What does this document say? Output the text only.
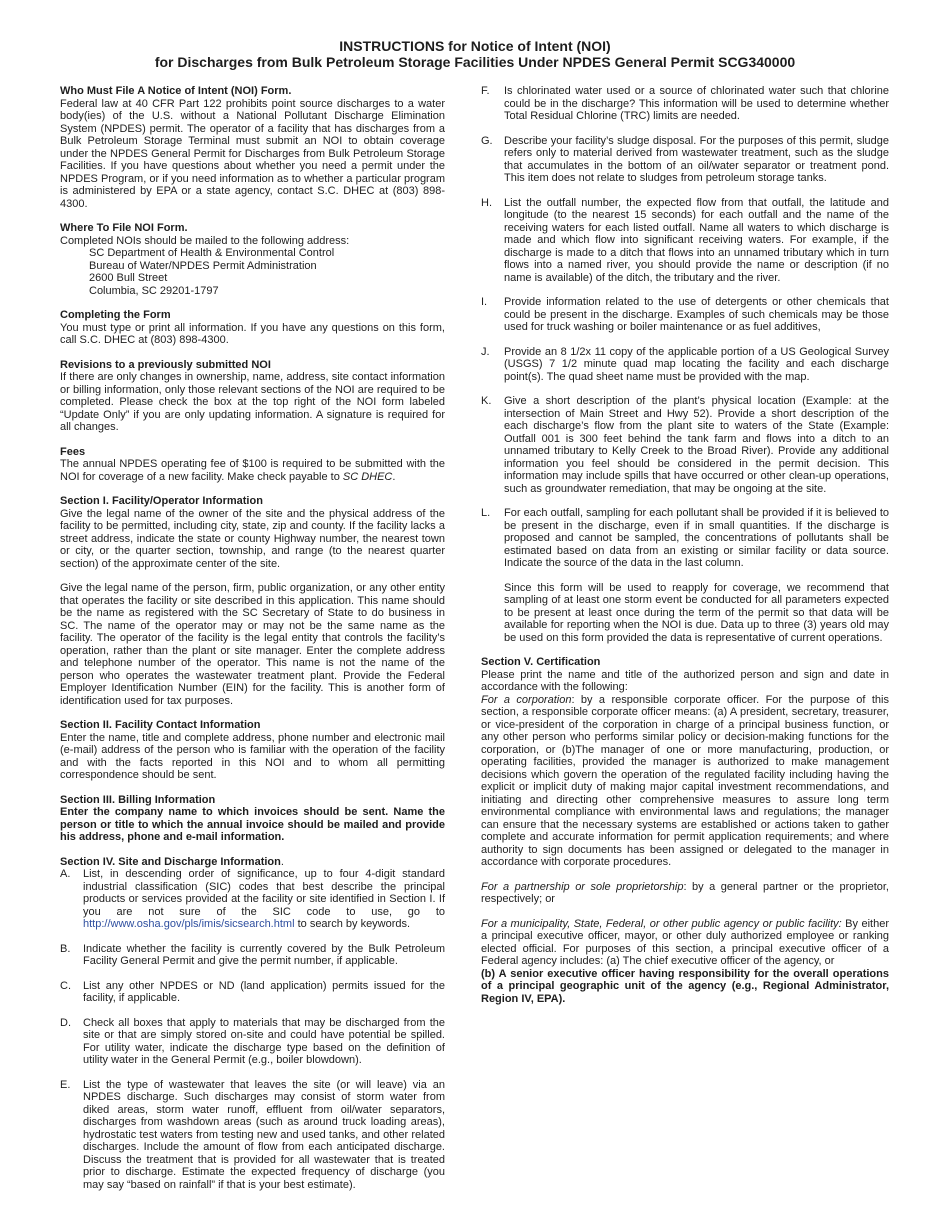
INSTRUCTIONS for Notice of Intent (NOI)
for Discharges from Bulk Petroleum Storage Facilities Under NPDES General Permit SCG340000

Who Must File A Notice of Intent (NOI) Form.

Federal law at 40 CFR Part 122 prohibits point source discharges to a water body(ies) of the U.S. without a National Pollutant Discharge Elimination System (NPDES) permit. The operator of a facility that has discharges from a Bulk Petroleum Storage Terminal must submit an NOI to obtain coverage under the NPDES General Permit for Discharges from Bulk Petroleum Storage Facilities. If you have questions about whether you need a permit under the NPDES Program, or if you need information as to whether a particular program is administered by EPA or a state agency, contact S.C. DHEC at (803) 898-4300.

Where To File NOI Form.

Completed NOIs should be mailed to the following address:

SC Department of Health & Environmental Control
Bureau of Water/NPDES Permit Administration
2600 Bull Street
Columbia, SC 29201-1797

Completing the Form

You must type or print all information. If you have any questions on this form, call S.C. DHEC at (803) 898-4300.

Revisions to a previously submitted NOI

If there are only changes in ownership, name, address, site contact information or billing information, only those relevant sections of the NOI are required to be completed. Please check the box at the top right of the NOI form labeled “Update Only” if you are only updating information. A signature is required for all changes.

Fees

The annual NPDES operating fee of $100 is required to be submitted with the NOI for coverage of a new facility. Make check payable to SC DHEC.

Section I. Facility/Operator Information

Give the legal name of the owner of the site and the physical address of the facility to be permitted, including city, state, zip and county. If the facility lacks a street address, indicate the state or county Highway number, the nearest town or city, or the quarter section, township, and range (to the nearest quarter section) of the approximate center of the site.

Give the legal name of the person, firm, public organization, or any other entity that operates the facility or site described in this application. This name should be the name as registered with the SC Secretary of State to do business in SC. The name of the operator may or may not be the same name as the facility. The operator of the facility is the legal entity that controls the facility’s operation, rather than the plant or site manager. Enter the complete address and telephone number of the operator. This name is not the name of the person who operates the wastewater treatment plant. Provide the Federal Employer Identification Number (EIN) for the facility. This is another form of identification used for tax purposes.

Section II. Facility Contact Information

Enter the name, title and complete address, phone number and electronic mail (e-mail) address of the person who is familiar with the operation of the facility and with the facts reported in this NOI and to whom all permitting correspondence should be sent.

Section III. Billing Information

Enter the company name to which invoices should be sent. Name the person or title to which the annual invoice should be mailed and provide his address, phone and e-mail information.

Section IV. Site and Discharge Information.

A.	List, in descending order of significance, up to four 4-digit standard industrial classification (SIC) codes that best describe the principal products or services provided at the facility or site identified in Section I. If you are not sure of the SIC code to use, go to http://www.osha.gov/pls/imis/sicsearch.html to search by keywords.
B.	Indicate whether the facility is currently covered by the Bulk Petroleum Facility General Permit and give the permit number, if applicable.
C.	List any other NPDES or ND (land application) permits issued for the facility, if applicable.
D.	Check all boxes that apply to materials that may be discharged from the site or that are simply stored on-site and could have potential be spilled. For utility water, indicate the discharge type based on the definition of utility water in the General Permit (e.g., boiler blowdown).
E.	List the type of wastewater that leaves the site (or will leave) via an NPDES discharge. Such discharges may consist of storm water from diked areas, storm water runoff, effluent from oil/water separators, discharges from washdown areas (such as around truck loading areas), hydrostatic test waters from testing new and used tanks, and other related discharges. Include the amount of flow from each anticipated discharge. Discuss the treatment that is provided for all wastewater that is treated prior to discharge. Estimate the expected frequency of discharge (you may say “based on rainfall” if that is your best estimate).
F.	Is chlorinated water used or a source of chlorinated water such that chlorine could be in the discharge? This information will be used to determine whether Total Residual Chlorine (TRC) limits are needed.
G.	Describe your facility’s sludge disposal. For the purposes of this permit, sludge refers only to material derived from wastewater treatment, such as the sludge that accumulates in the bottom of an oil/water separator or treatment pond. This item does not relate to sludges from petroleum storage tanks.
H.	List the outfall number, the expected flow from that outfall, the latitude and longitude (to the nearest 15 seconds) for each outfall and the name of the receiving waters for each listed outfall. Name all waters to which discharge is made and which flow into significant receiving waters. For example, if the discharge is made to a ditch that flows into an unnamed tributary which in turn flows into a named river, you should provide the name or description (if no name is available) of the ditch, the tributary and the river.
I.	Provide information related to the use of detergents or other chemicals that could be present in the discharge. Examples of such chemicals may be those used for truck washing or boiler maintenance or as fuel additives,
J.	Provide an 8 1/2x 11 copy of the applicable portion of a US Geological Survey (USGS) 7 1/2 minute quad map locating the facility and each discharge point(s). The quad sheet name must be provided with the map.
K.	Give a short description of the plant’s physical location (Example: at the intersection of Main Street and Hwy 52). Provide a short description of the each discharge’s flow from the plant site to waters of the State (Example: Outfall 001 is 300 feet behind the tank farm and flows into a ditch to an unnamed tributary to Kelly Creek to the Broad River). Provide any additional information you feel should be considered in the permit decision. This information may include spills that have occurred or other clean-up operations, such as groundwater remediation, that may be ongoing at the site.
L.	For each outfall, sampling for each pollutant shall be provided if it is believed to be present in the discharge, even if in small quantities. If the discharge is proposed and cannot be sampled, the concentrations of pollutants shall be estimated based on data from an existing or similar facility or data source. Indicate the source of the data in the last column.
Since this form will be used to reapply for coverage, we recommend that sampling of at least one storm event be conducted for all parameters expected to be present at least once during the term of the permit so that data will be available for reporting when the NOI is due. Data up to three (3) years old may be used on this form provided the data is representative of current operations.

Section V. Certification

Please print the name and title of the authorized person and sign and date in accordance with the following:

For a corporation: by a responsible corporate officer. For the purpose of this section, a responsible corporate officer means: (a) A president, secretary, treasurer, or vice-president of the corporation in charge of a principal business function, or any other person who performs similar policy or decision-making functions for the corporation, or (b)The manager of one or more manufacturing, production, or operating facilities, provided the manager is authorized to make management decisions which govern the operation of the regulated facility including having the explicit or implicit duty of making major capital investment recommendations, and initiating and directing other comprehensive measures to assure long term environmental compliance with environmental laws and regulations; the manager can ensure that the necessary systems are established or actions taken to gather complete and accurate information for permit application requirements; and where authority to sign documents has been assigned or delegated to the manager in accordance with corporate procedures.

For a partnership or sole proprietorship: by a general partner or the proprietor, respectively; or

For a municipality, State, Federal, or other public agency or public facility: By either a principal executive officer, mayor, or other duly authorized employee or ranking elected official. For purposes of this section, a principal executive officer of a Federal agency includes: (a) The chief executive officer of the agency, or

(b) A senior executive officer having responsibility for the overall operations of a principal geographic unit of the agency (e.g., Regional Administrator, Region IV, EPA).
